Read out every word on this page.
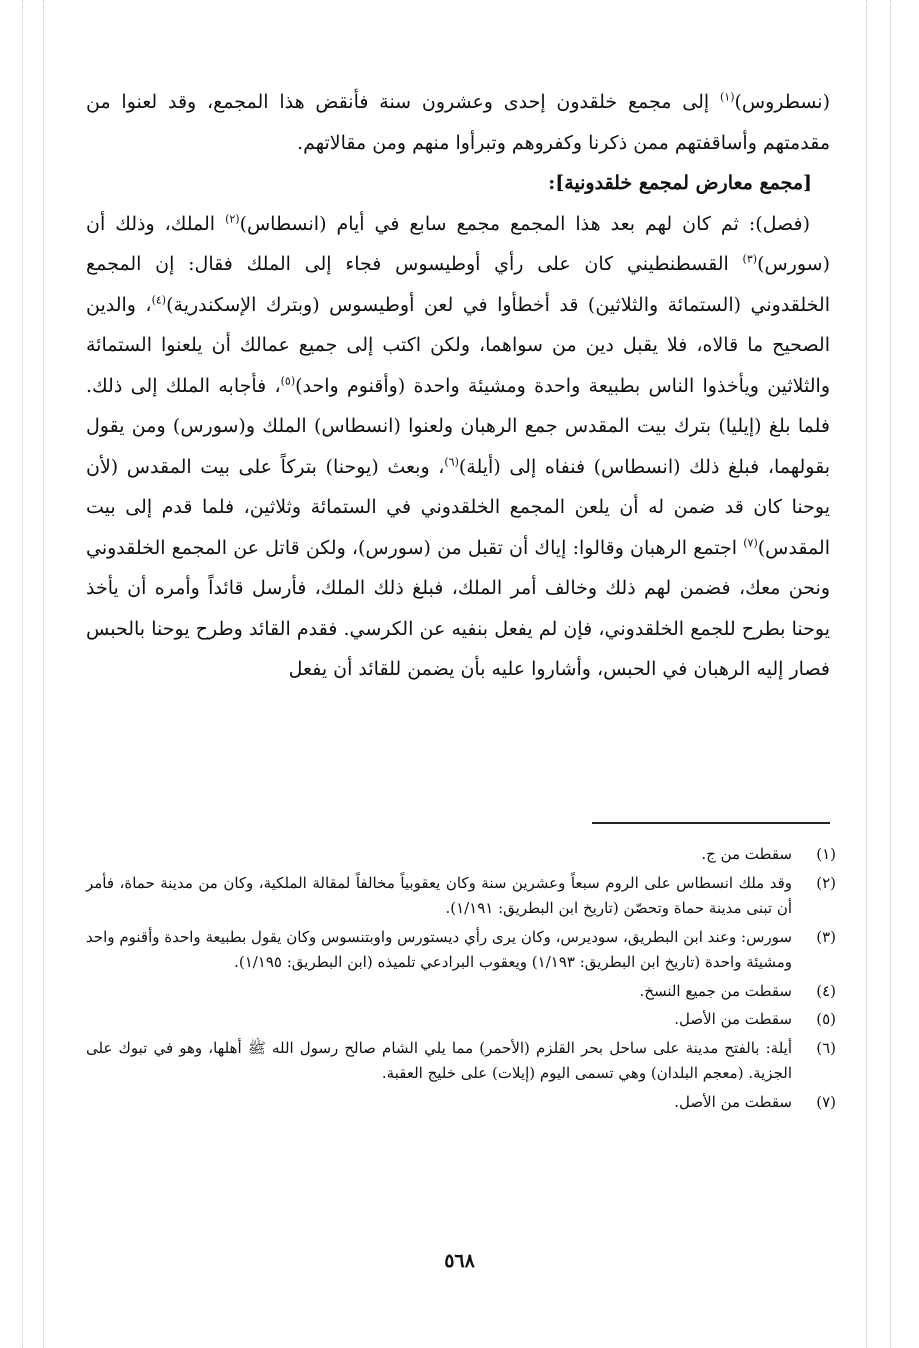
(نسطروس)$^{(١)}$ إلى مجمع خلقدون إحدى وعشرون سنة فأنقض هذا المجمع، وقد لعنوا من مقدمتهم وأساقفتهم ممن ذكرنا وكفروهم وتبرأوا منهم ومن مقالاتهم.

[مجمع معارض لمجمع خلقدونية]:

(فصل): ثم كان لهم بعد هذا المجمع مجمع سابع في أيام (انسطاس)$^{(٢)}$ الملك، وذلك أن (سورس)$^{(٣)}$ القسطنطيني كان على رأي أوطيسوس فجاء إلى الملك فقال: إن المجمع الخلقدوني (الستمائة والثلاثين) قد أخطأوا في لعن أوطيسوس (وبترك الإسكندرية)$^{(٤)}$، والدين الصحيح ما قالاه، فلا يقبل دين من سواهما، ولكن اكتب إلى جميع عمالك أن يلعنوا الستمائة والثلاثين ويأخذوا الناس بطبيعة واحدة ومشيئة واحدة (وأقنوم واحد)$^{(٥)}$، فأجابه الملك إلى ذلك. فلما بلغ (إيليا) بترك بيت المقدس جمع الرهبان ولعنوا (انسطاس) الملك و(سورس) ومن يقول بقولهما، فبلغ ذلك (انسطاس) فنفاه إلى (أيلة)$^{(٦)}$، وبعث (يوحنا) بتركاً على بيت المقدس (لأن يوحنا كان قد ضمن له أن يلعن المجمع الخلقدوني في الستمائة وثلاثين، فلما قدم إلى بيت المقدس)$^{(٧)}$ اجتمع الرهبان وقالوا: إياك أن تقبل من (سورس)، ولكن قاتل عن المجمع الخلقدوني ونحن معك، فضمن لهم ذلك وخالف أمر الملك، فبلغ ذلك الملك، فأرسل قائداً وأمره أن يأخذ يوحنا بطرح للجمع الخلقدوني، فإن لم يفعل بنفيه عن الكرسي. فقدم القائد وطرح يوحنا بالحبس فصار إليه الرهبان في الحبس، وأشاروا عليه بأن يضمن للقائد أن يفعل

(١)
سقطت من ج.
(٢)
وقد ملك انسطاس على الروم سبعاً وعشرين سنة وكان يعقوبياً مخالفاً لمقالة الملكية، وكان من مدينة حماة، فأمر أن تبنى مدينة حماة وتحصّن (تاريخ ابن البطريق: ١/١٩١).
(٣)
سورس: وعند ابن البطريق، سوديرس، وكان يرى رأي ديستورس واوبتنسوس وكان يقول بطبيعة واحدة وأقنوم واحد ومشيئة واحدة (تاريخ ابن البطريق: ١/١٩٣) ويعقوب البرادعي تلميذه (ابن البطريق: ١/١٩٥).
(٤)
سقطت من جميع النسخ.
(٥)
سقطت من الأصل.
(٦)
أيلة: بالفتح مدينة على ساحل بحر القلزم (الأحمر) مما يلي الشام صالح رسول الله ﷺ أهلها، وهو في تبوك على الجزية. (معجم البلدان) وهي تسمى اليوم (إيلات) على خليج العقبة.
(٧)
سقطت من الأصل.
٥٦٨
